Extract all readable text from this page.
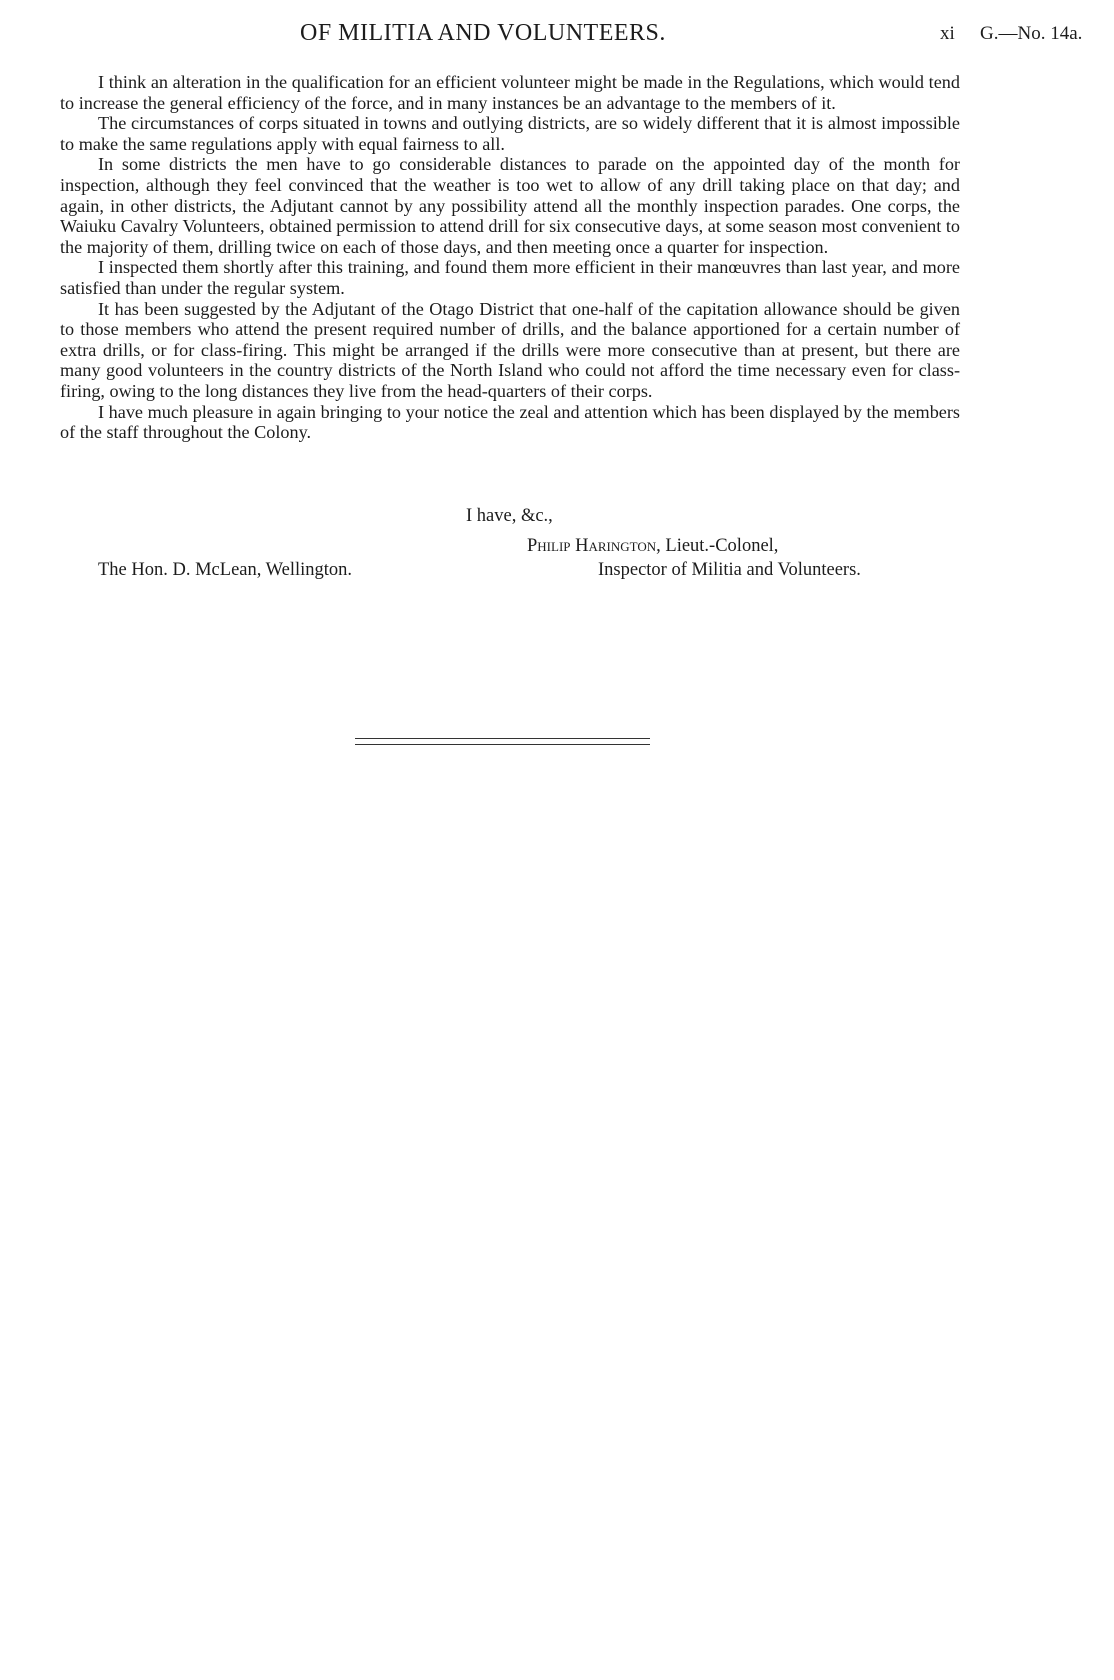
OF MILITIA AND VOLUNTEERS.	xi G.—No. 14a.

I think an alteration in the qualification for an efficient volunteer might be made in the Regulations, which would tend to increase the general efficiency of the force, and in many instances be an advantage to the members of it.

The circumstances of corps situated in towns and outlying districts, are so widely different that it is almost impossible to make the same regulations apply with equal fairness to all.

In some districts the men have to go considerable distances to parade on the appointed day of the month for inspection, although they feel convinced that the weather is too wet to allow of any drill taking place on that day; and again, in other districts, the Adjutant cannot by any possibility attend all the monthly inspection parades. One corps, the Waiuku Cavalry Volunteers, obtained permission to attend drill for six consecutive days, at some season most convenient to the majority of them, drilling twice on each of those days, and then meeting once a quarter for inspection.

I inspected them shortly after this training, and found them more efficient in their manœuvres than last year, and more satisfied than under the regular system.

It has been suggested by the Adjutant of the Otago District that one-half of the capitation allowance should be given to those members who attend the present required number of drills, and the balance apportioned for a certain number of extra drills, or for class-firing. This might be arranged if the drills were more consecutive than at present, but there are many good volunteers in the country districts of the North Island who could not afford the time necessary even for class-firing, owing to the long distances they live from the head-quarters of their corps.

I have much pleasure in again bringing to your notice the zeal and attention which has been displayed by the members of the staff throughout the Colony.

I have, &c.,
Philip Harington, Lieut.-Colonel,
The Hon. D. McLean, Wellington.	Inspector of Militia and Volunteers.
